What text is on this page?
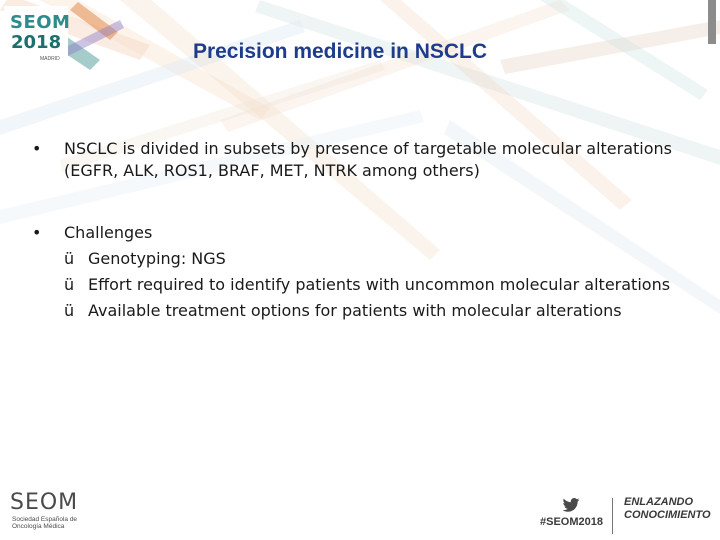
SEOM
2018
MADRID	Precision medicine in NSCLC
•	NSCLC is divided in subsets by presence of targetable molecular alterations (EGFR, ALK, ROS1, BRAF, MET, NTRK among others)
•	Challenges
ü Genotyping: NGS
ü Effort required to identify patients with uncommon molecular alterations
ü Available treatment options for patients with molecular alterations
SEOM
Sociedad Española de Oncología Médica	#SEOM2018
ENLAZANDO
CONOCIMIENTO
